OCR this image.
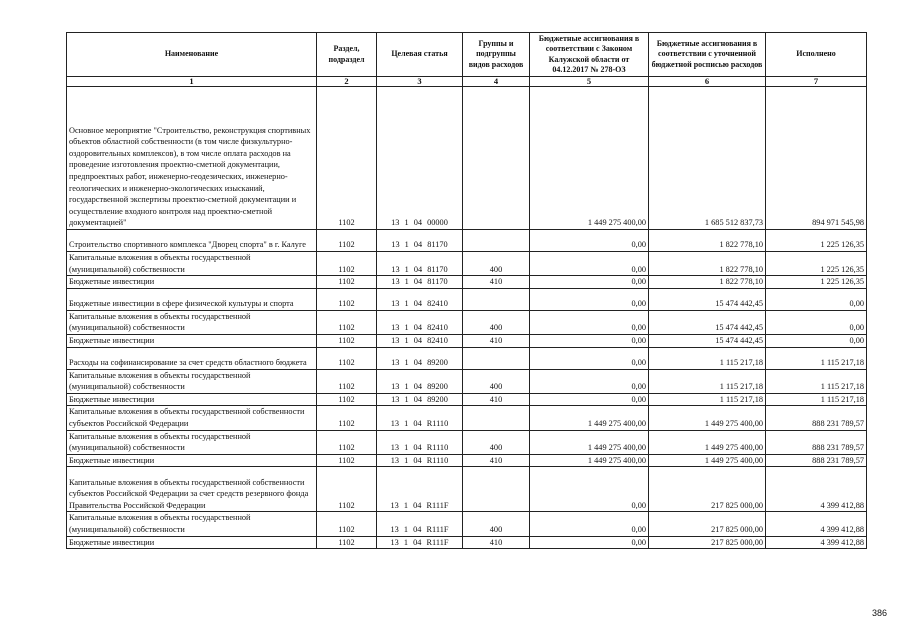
Наименование	Раздел, подраздел	Целевая статья	Группы и подгруппы видов расходов	Бюджетные ассигнования в соответствии с Законом Калужской области от 04.12.2017 № 278-ОЗ	Бюджетные ассигнования в соответствии с уточненной бюджетной росписью расходов	Исполнено
1	2	3	4	5	6	7
Основное мероприятие "Строительство, реконструкция спортивных объектов областной собственности (в том числе физкультурно-оздоровительных комплексов), в том числе оплата расходов на проведение изготовления проектно-сметной документации, предпроектных работ, инженерно-геодезических, инженерно-геологических и инженерно-экологических изысканий, государственной экспертизы проектно-сметной документации и осуществление входного контроля над проектно-сметной документацией"	1102	13 1 04 00000		1 449 275 400,00	1 685 512 837,73	894 971 545,98
Строительство спортивного комплекса "Дворец спорта" в г. Калуге	1102	13 1 04 81170		0,00	1 822 778,10	1 225 126,35
Капитальные вложения в объекты государственной (муниципальной) собственности	1102	13 1 04 81170	400	0,00	1 822 778,10	1 225 126,35
Бюджетные инвестиции	1102	13 1 04 81170	410	0,00	1 822 778,10	1 225 126,35
Бюджетные инвестиции в сфере физической культуры и спорта	1102	13 1 04 82410		0,00	15 474 442,45	0,00
Капитальные вложения в объекты государственной (муниципальной) собственности	1102	13 1 04 82410	400	0,00	15 474 442,45	0,00
Бюджетные инвестиции	1102	13 1 04 82410	410	0,00	15 474 442,45	0,00
Расходы на софинансирование за счет средств областного бюджета	1102	13 1 04 89200		0,00	1 115 217,18	1 115 217,18
Капитальные вложения в объекты государственной (муниципальной) собственности	1102	13 1 04 89200	400	0,00	1 115 217,18	1 115 217,18
Бюджетные инвестиции	1102	13 1 04 89200	410	0,00	1 115 217,18	1 115 217,18
Капитальные вложения в объекты государственной собственности субъектов Российской Федерации	1102	13 1 04 R1110		1 449 275 400,00	1 449 275 400,00	888 231 789,57
Капитальные вложения в объекты государственной (муниципальной) собственности	1102	13 1 04 R1110	400	1 449 275 400,00	1 449 275 400,00	888 231 789,57
Бюджетные инвестиции	1102	13 1 04 R1110	410	1 449 275 400,00	1 449 275 400,00	888 231 789,57
Капитальные вложения в объекты государственной собственности субъектов Российской Федерации за счет средств резервного фонда Правительства Российской Федерации	1102	13 1 04 R111F		0,00	217 825 000,00	4 399 412,88
Капитальные вложения в объекты государственной (муниципальной) собственности	1102	13 1 04 R111F	400	0,00	217 825 000,00	4 399 412,88
Бюджетные инвестиции	1102	13 1 04 R111F	410	0,00	217 825 000,00	4 399 412,88
386
